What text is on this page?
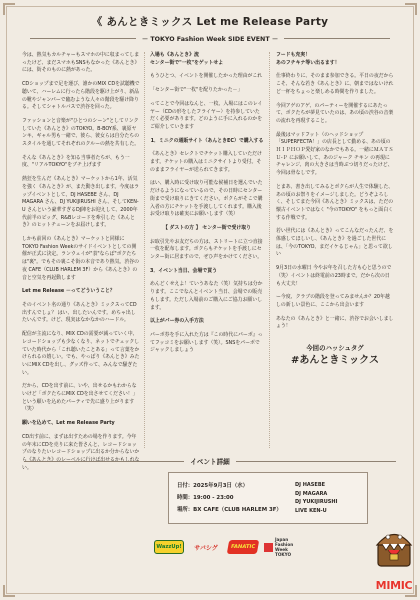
《 あんときミックス Let me Release Party
－ TOKYO Fashion Week SIDE EVENT －

今は、熱気もカルチャーもスマホの中に収まってしまったけど、まだスマホもSNSもなかった《あんとき》には、街そのものに熱があった。

CDショップまで足を運び、誰かのMIX CDを試聴機で聴いて、ハーレムに行ったら階段を駆け上がり、新品の靴やジャンパーで臨むような人々の階段を駆け降りる。そしてシャトルバスで渋谷を回った。

ファッションと音楽が"ひとつのシーン"としてリンクしていた《あんとき》のTOKYO。B-BOY系、裏原ヤンキ、ギャル男も一緒で、彼ら、彼女らは自分たちのスタイルを通してそれぞれのクルーの熱を共有した。

そんな《あんとき》を知る当事者たちが、もう一度、"リアルTOKYO"をブチ上げます

熱狂を生んだ《あんとき》マーケットから1年、活気を強く《あんとき》が、また動き出します。今度はラップイベントとして、DJ HASEBE さん、DJ MAGARA さん、DJ YUKIJIRUSHI さん、そしてKEN-U さんという豪華すぎるDJ陣をお迎えして、2000年代前半のビッグ、R&Bレコードを牽引した《あんとき》のヒットチューンをお届けします。

しかも前回の《あんとき》マーケットと同様にTOKYO Fashion Weekのサイドイベントとしての開催が正式に決定。ランウェイが"表"ならば"ボクたちは"裏"。でもその裏こそ街の本音であり熱気。渋谷の夜 CAFE（CLUB HARLEM 3F）から《あんとき》の音と空気を再起動します

Let me Release －ってどういうこと？

そのイベント名の通り《あんとき》ミックスってCD出すんでしょ？ はい、出したいんです。めちゃ出したいんです。けど、現実はなかなかのハードル。

配信が主流になり、MIX CDの需要が減っていく中、レコードショップも少なくなり、ネットでチェックしていた時代から「これ聴いたことある」って言葉をかけられるの嬉しい。でも、やっぱり《あんとき》みたいにMIX CDを出し、グッズ作って、みんなで騒ぎたい。

だから、CDを出す前に、いや、出せるかもわからないけど「ボクたちにMIX CDを出させてください！」という願いを込めたパーティで先に盛り上がります（笑）

願いを込めて、Let me Release Party

CD出す前に、まずは出すための場を作ります。今年の年末にCDを売りに来た皆さんと、レコードショップのなりたいレコードショップに出るか分からないから《あんとき》のレーベルに行けば出せるかもしれない。

入場も《あんとき》流

センター街で"一枚"をゲットせよ

もうひとつ、イベントを開催したかった理由がこれ

「センター街で"一枚"を配りたかった－」

ってことで今回はなんと、一枚、入場にはこのレイヤー（CDの形をしたフライヤー）を持参していただく必要があります。どのように手に入れるのかをご紹介していきます

1．ミニクの通販サイト（あんときEC）で購入する

《あんとき》セレクトでチケット購入していただけます。チケットの購入はミニクサイトより受付。そのままフライヤーが送られてきます。

はい、購入時に受け取り可能な候補日を選んでいただけるようになっているので、その日時にセンター街まで受け取りにきてください。ボクらがそこで購入者の方にチケットを手渡ししてくれます。購入後お受け取りは確実にお願いします（笑）

【 ダストの方 】 センター街で受け取り

お取引先やお友だちの方は、ストリートに立つ直接一枚を配布します。ボクらもチケットを手渡しにセンター街に居ますので、ぜひ声をかけてください。

3．イベント当日、会場で買う

めんどくせえよ！ていうあなた（笑）気持ちは分かります。ここでなんとイベント当日、会場での販売もします。ただし入場前のご購入にご協力お願いします。

以上がパー券の入手方法

パーボ券を手に入れた方は『この時代にパーボ』ってフッコミをお願いします（笑）。SNSをパーボでジャックしましょう

フードも充実！

あのフチキナ等い出るます！

仕事終わりに、そのまま参加できる。平日の夜だからこそ、そんな若き《あんとき》に、朝まではないけれど一杯をちょっと楽しめる時間を作りました。

今回アゲのアゲ、のパーティーを開催するにあたって、ボクたちが夢見ていたのは、あの頃の渋谷の音楽の流れを再現すること。

最後はマッドフット（のヘッドショップ「SUPERFECTA！」の店長として勤める、あの頃のＨＩＰＨＯＰ愛好家のなかでもある。一緒にＭＡＴＳＵ-Ｐ にお願いして、あのジャーク チキン の再現にチャレンジ、肉の大きさは当時ぶつ切りだったけど、今回は骨なしです。

とまあ、書き出してみるとボクらが人生で体験した、あの頃のお祭りをイメージしました。どうぞよろしく、そしてまた今回《あんとき》ミックスは、ただの懐古イベントではなく "今のTOKYO" をもっと面白くする作戦です。

若い世代には《あんとき》ってこんなだったんだ、を体感してほしいし、《あんとき》を過ごした世代には、「今のTOKYO、まだイケるじゃん」と思って欲しい

9月3日の水曜日 今やお年を召した方も心と思うので（笑）イベントは終電前の23時まで。だから次の日も大丈夫！

ー今度、クラブの階段を登ってみませんか？20年越しの新しい景色に、ここから出会います

あなたの《あんとき》と一緒に、渋谷でお会いしましょう！

今回のハッシュタグ
#あんときミックス
イベント詳細
日付：2025年9月3日（水）
時間：19:00 - 23:00
場所：BX CAFE（CLUB HARLEM 3F）
DJ HASEBE
DJ MAGARA
DJ YUKIJIRUSHI
LIVE KEN-U
WazzUp!	サバシグ	FANATIC
Japan Fashion Week TOKYO
MIMIC
